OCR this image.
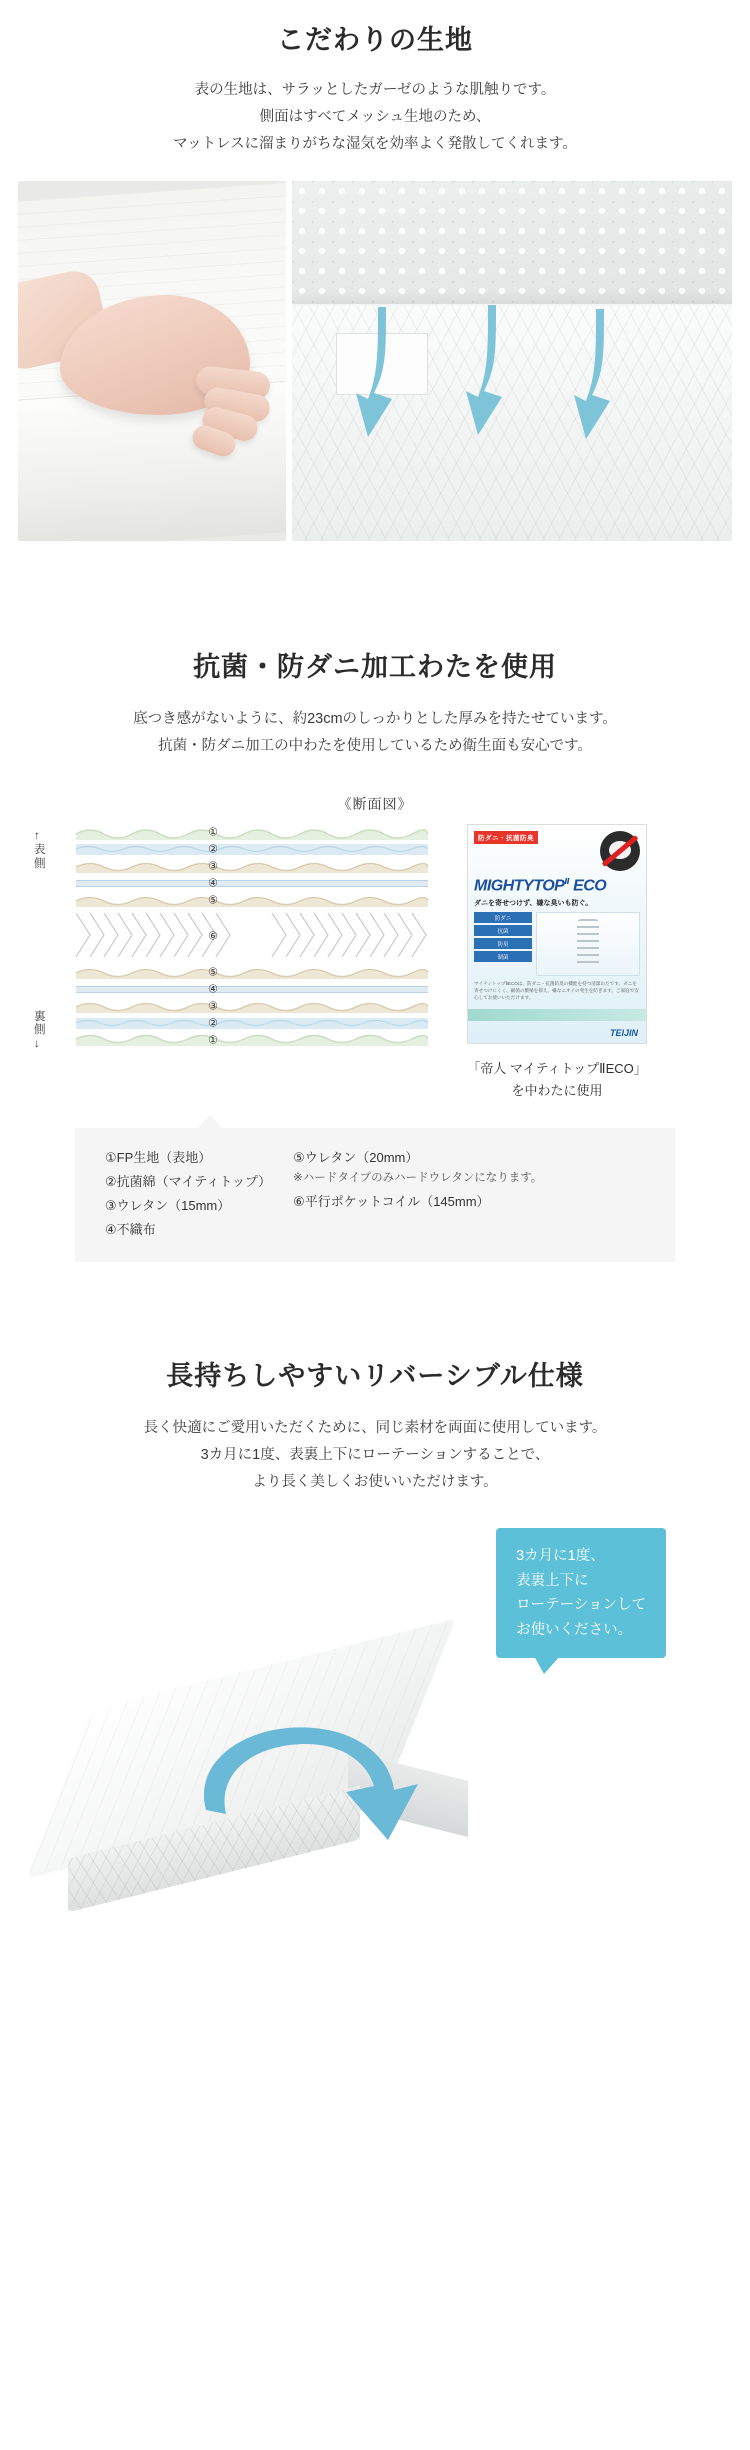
こだわりの生地

表の生地は、サラッとしたガーゼのような肌触りです。
側面はすべてメッシュ生地のため、
マットレスに溜まりがちな湿気を効率よく発散してくれます。

抗菌・防ダニ加工わたを使用

底つき感がないように、約23cmのしっかりとした厚みを持たせています。
抗菌・防ダニ加工の中わたを使用しているため衛生面も安心です。

《断面図》
↑
表
側
裏
側
↓
①
②
③
④
⑤
⑥
⑤
④
③
②
①
防ダニ・抗菌防臭
$MIGHTYTOP^Ⅱ$ ECO
ダニを寄せつけず、嫌な臭いも防ぐ。
防ダニ
抗菌
防臭
制菌
マイティトップⅡECOは、防ダニ・抗菌防臭の機能を持つ清潔わたです。ダニを寄せつけにくく、細菌の繁殖を抑え、嫌なニオイの発生を防ぎます。ご家庭で安心してお使いいただけます。
TEIJIN
「帝人 マイティトップⅡECO」
を中わたに使用
①FP生地（表地）
②抗菌綿（マイティトップ）
③ウレタン（15mm）
④不織布
⑤ウレタン（20mm）
※ハードタイプのみハードウレタンになります。
⑥平行ポケットコイル（145mm）
長持ちしやすいリバーシブル仕様

長く快適にご愛用いただくために、同じ素材を両面に使用しています。
3カ月に1度、表裏上下にローテーションすることで、
より長く美しくお使いいただけます。

3カ月に1度、
表裏上下に
ローテーションして
お使いください。
